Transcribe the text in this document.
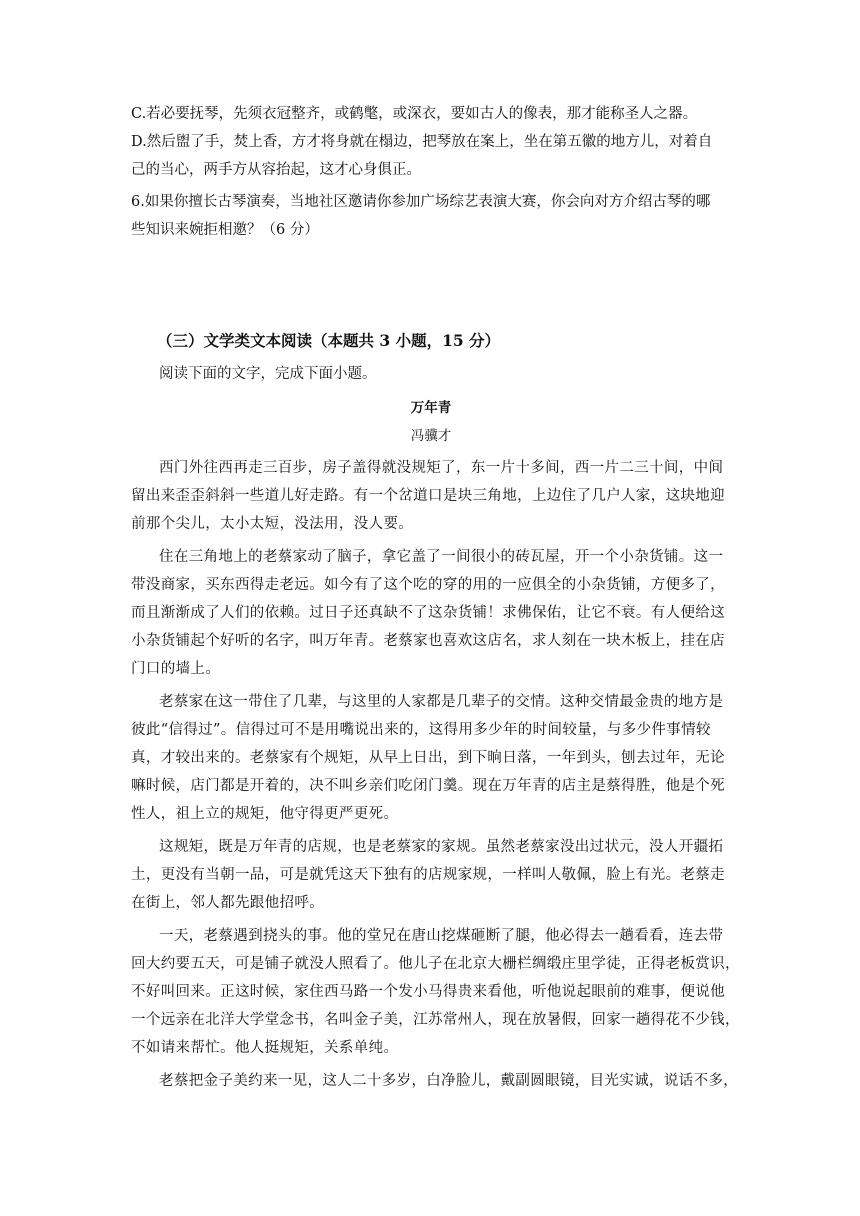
C.若必要抚琴，先须衣冠整齐，或鹤氅，或深衣，要如古人的像表，那才能称圣人之器。
D.然后盥了手，焚上香，方才将身就在榻边，把琴放在案上，坐在第五徽的地方儿，对着自
己的当心，两手方从容抬起，这才心身俱正。
6.如果你擅长古琴演奏，当地社区邀请你参加广场综艺表演大赛，你会向对方介绍古琴的哪
些知识来婉拒相邀？（6 分）
（三）文学类文本阅读（本题共 3 小题，15 分）
阅读下面的文字，完成下面小题。
万年青
冯骥才
西门外往西再走三百步，房子盖得就没规矩了，东一片十多间，西一片二三十间，中间
留出来歪歪斜斜一些道儿好走路。有一个岔道口是块三角地，上边住了几户人家，这块地迎
前那个尖儿，太小太短，没法用，没人要。
住在三角地上的老蔡家动了脑子，拿它盖了一间很小的砖瓦屋，开一个小杂货铺。这一
带没商家，买东西得走老远。如今有了这个吃的穿的用的一应俱全的小杂货铺，方便多了，
而且渐渐成了人们的依赖。过日子还真缺不了这杂货铺！求佛保佑，让它不衰。有人便给这
小杂货铺起个好听的名字，叫万年青。老蔡家也喜欢这店名，求人刻在一块木板上，挂在店
门口的墙上。
老蔡家在这一带住了几辈，与这里的人家都是几辈子的交情。这种交情最金贵的地方是
彼此“信得过”。信得过可不是用嘴说出来的，这得用多少年的时间较量，与多少件事情较
真，才较出来的。老蔡家有个规矩，从早上日出，到下晌日落，一年到头，刨去过年，无论
嘛时候，店门都是开着的，决不叫乡亲们吃闭门羹。现在万年青的店主是蔡得胜，他是个死
性人，祖上立的规矩，他守得更严更死。
这规矩，既是万年青的店规，也是老蔡家的家规。虽然老蔡家没出过状元，没人开疆拓
土，更没有当朝一品，可是就凭这天下独有的店规家规，一样叫人敬佩，脸上有光。老蔡走
在街上，邻人都先跟他招呼。
一天，老蔡遇到挠头的事。他的堂兄在唐山挖煤砸断了腿，他必得去一趟看看，连去带
回大约要五天，可是铺子就没人照看了。他儿子在北京大栅栏绸缎庄里学徒，正得老板赏识，
不好叫回来。正这时候，家住西马路一个发小马得贵来看他，听他说起眼前的难事，便说他
一个远亲在北洋大学堂念书，名叫金子美，江苏常州人，现在放暑假，回家一趟得花不少钱，
不如请来帮忙。他人挺规矩，关系单纯。
老蔡把金子美约来一见，这人二十多岁，白净脸儿，戴副圆眼镜，目光实诚，说话不多，
